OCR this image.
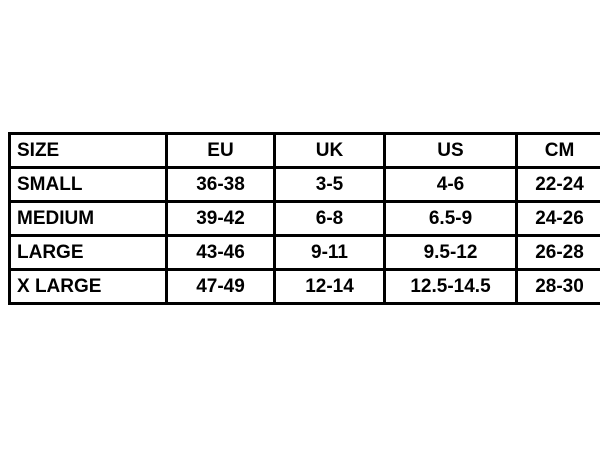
SIZE	EU	UK	US	CM
SMALL	36-38	3-5	4-6	22-24
MEDIUM	39-42	6-8	6.5-9	24-26
LARGE	43-46	9-11	9.5-12	26-28
X LARGE	47-49	12-14	12.5-14.5	28-30
